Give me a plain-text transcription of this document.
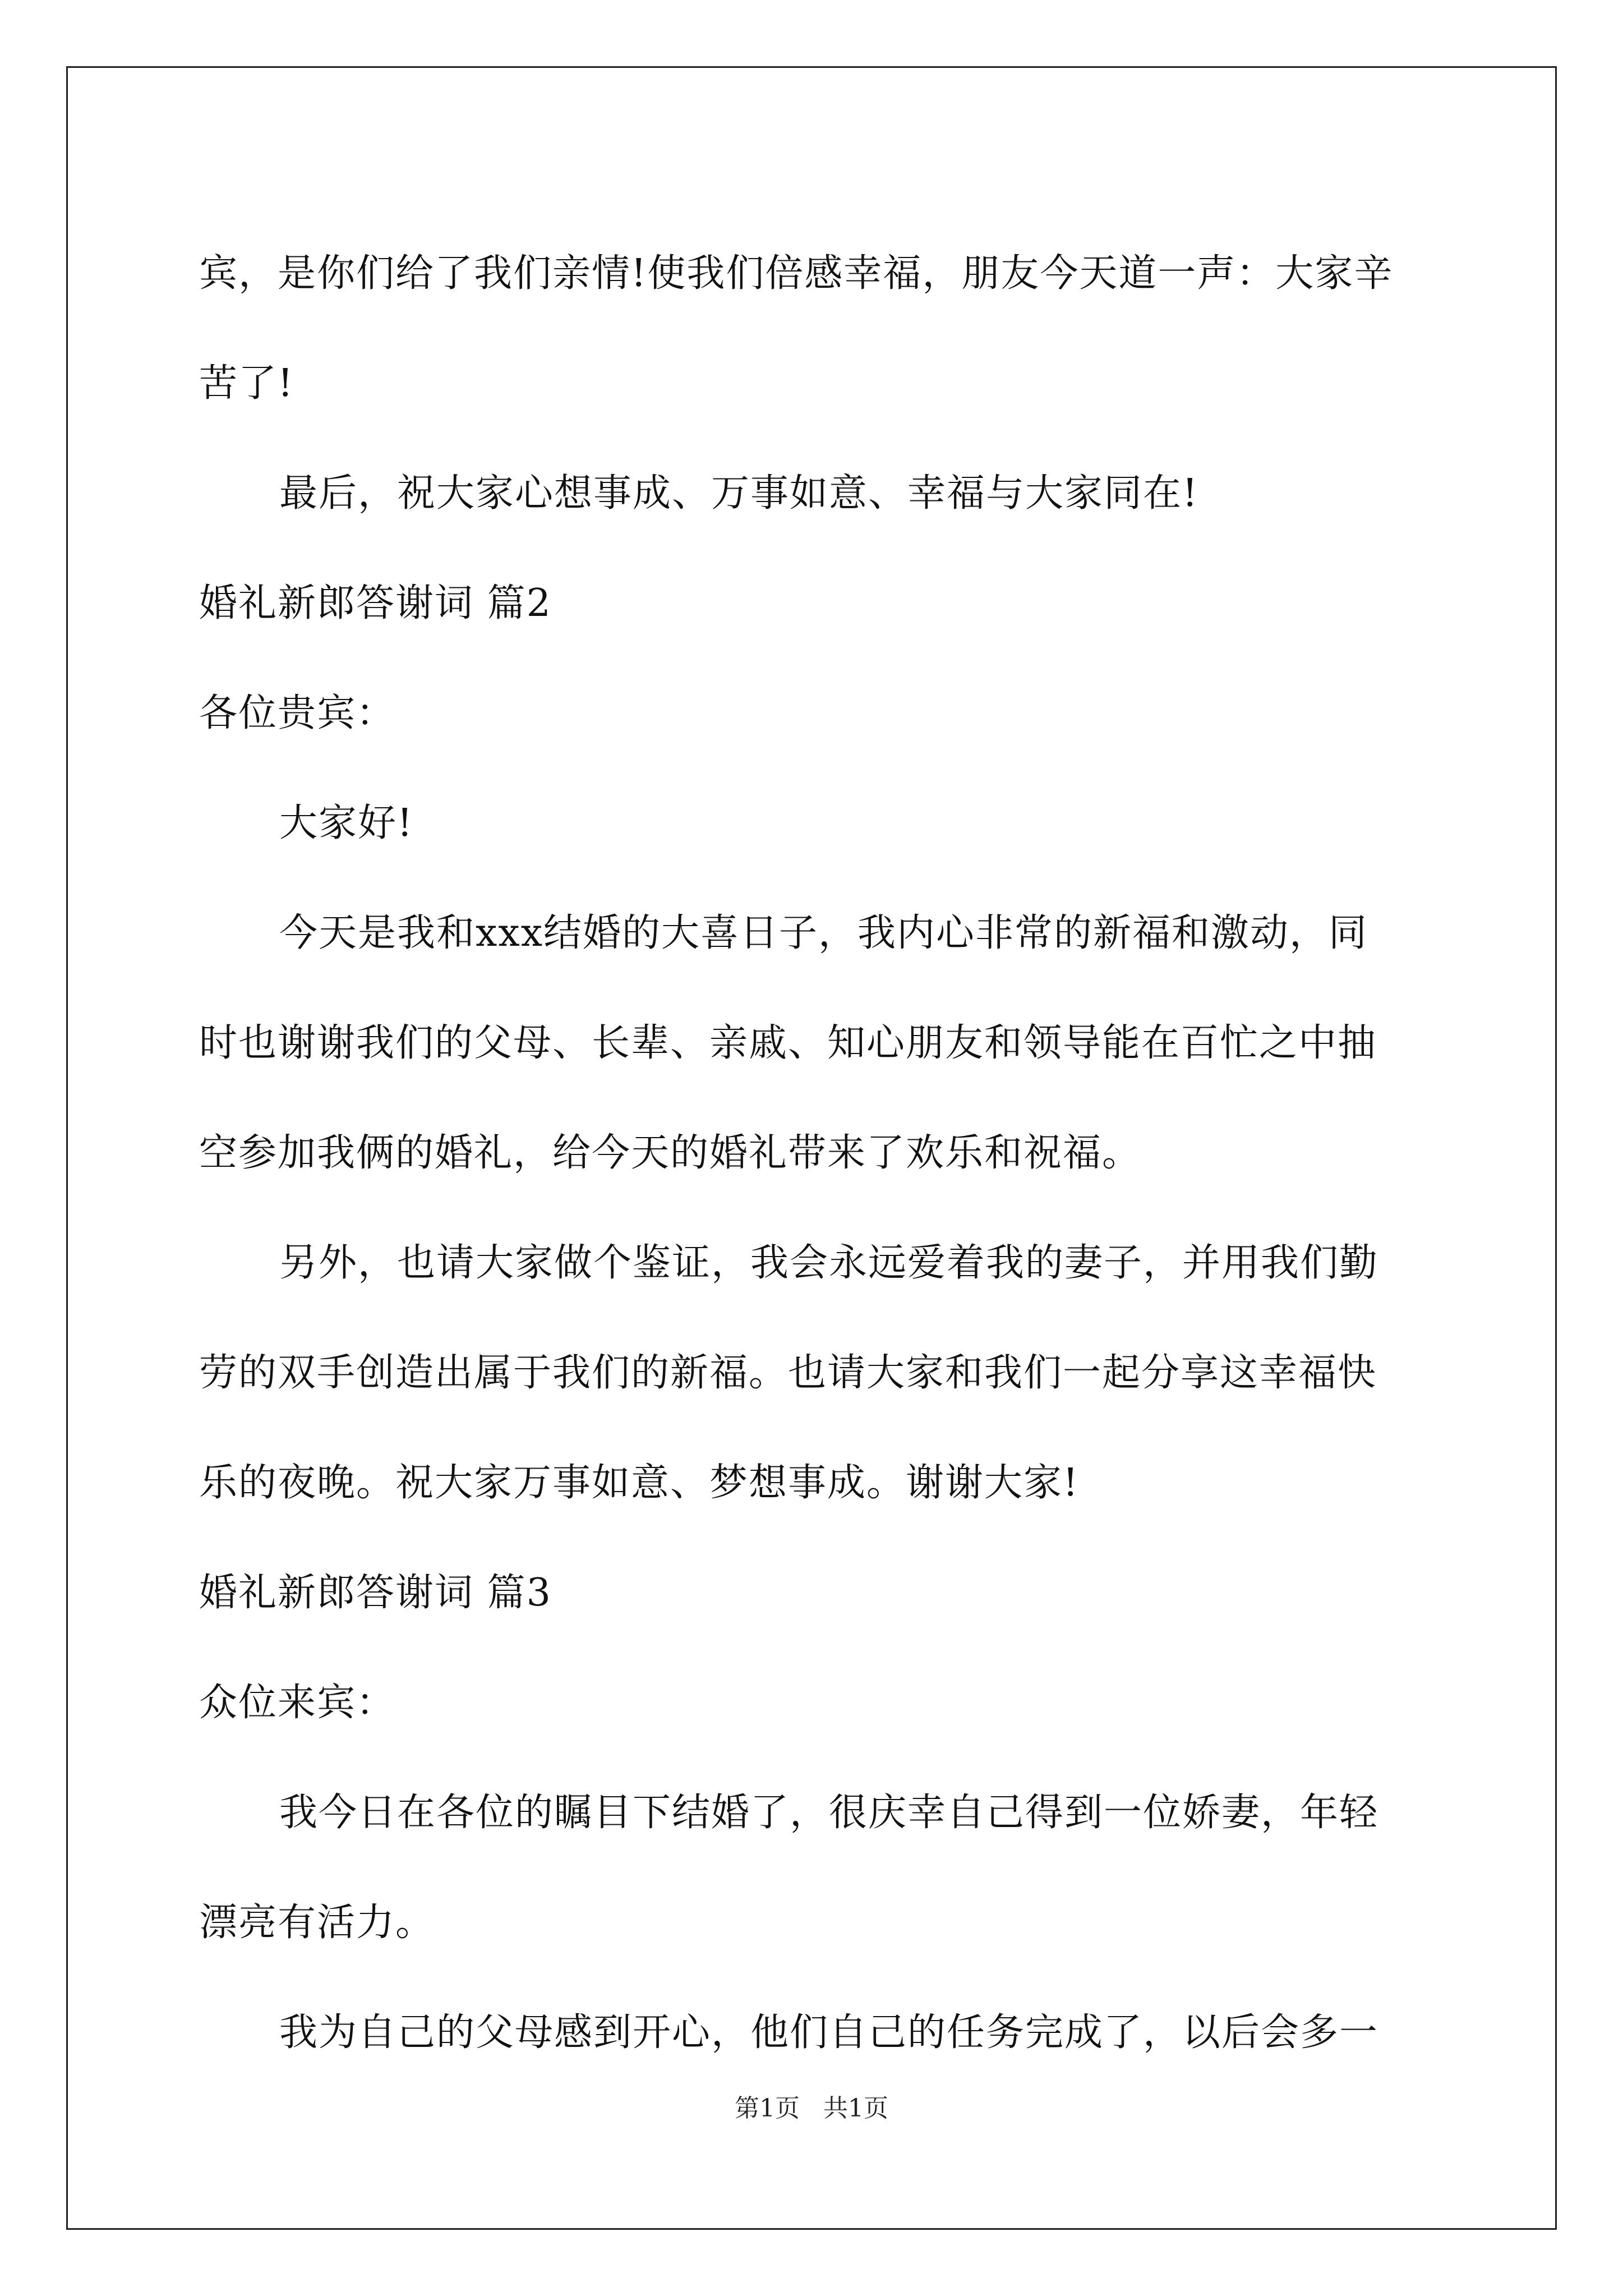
宾，是你们给了我们亲情!使我们倍感幸福，朋友今天道一声：大家辛

苦了!

最后，祝大家心想事成、万事如意、幸福与大家同在!

婚礼新郎答谢词 篇2

各位贵宾：

大家好!

今天是我和xxx结婚的大喜日子，我内心非常的新福和激动，同

时也谢谢我们的父母、长辈、亲戚、知心朋友和领导能在百忙之中抽

空参加我俩的婚礼，给今天的婚礼带来了欢乐和祝福。

另外，也请大家做个鉴证，我会永远爱着我的妻子，并用我们勤

劳的双手创造出属于我们的新福。也请大家和我们一起分享这幸福快

乐的夜晚。祝大家万事如意、梦想事成。谢谢大家!

婚礼新郎答谢词 篇3

众位来宾：

我今日在各位的瞩目下结婚了，很庆幸自己得到一位娇妻，年轻

漂亮有活力。

我为自己的父母感到开心，他们自己的任务完成了，以后会多一

第1页 共1页
